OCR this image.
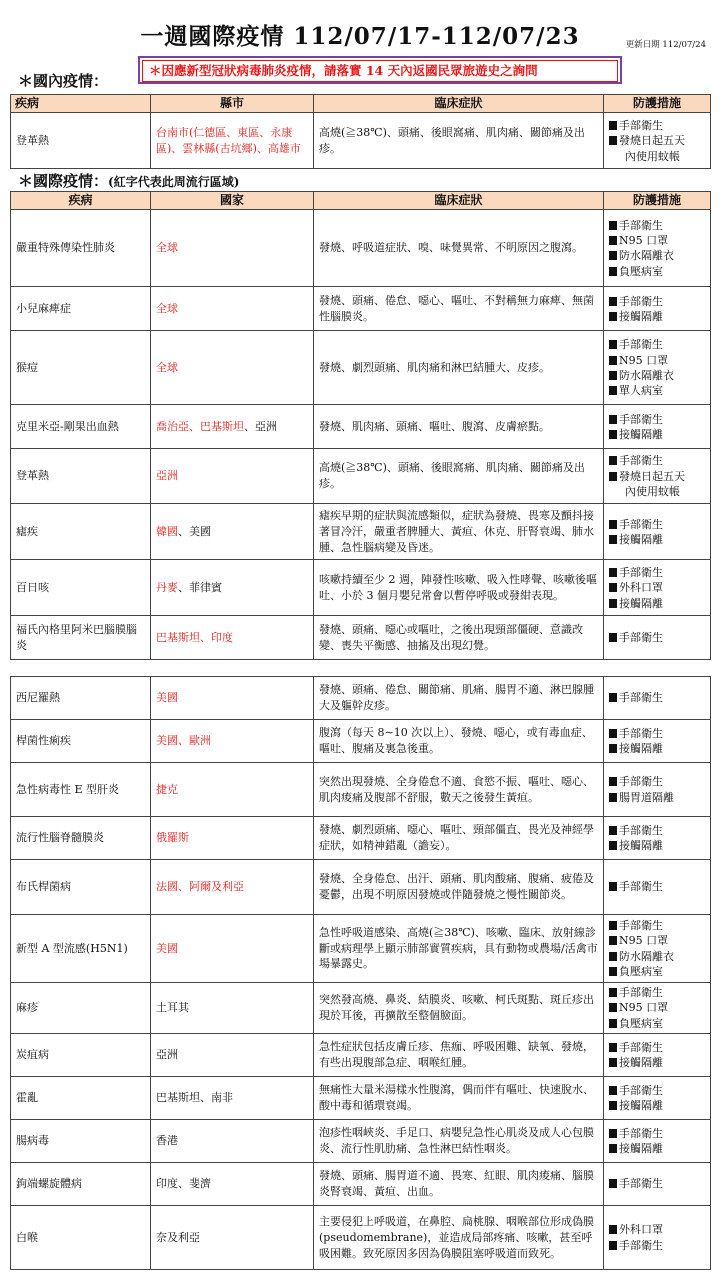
一週國際疫情 112/07/17-112/07/23	更新日期 112/07/24
＊因應新型冠狀病毒肺炎疫情，請落實 14 天內返國民眾旅遊史之詢問
＊國內疫情：
疾病	縣市	臨床症狀	防護措施
登革熱	台南市(仁德區、東區、永康區)、雲林縣(古坑鄉)、高雄市	高燒(≧38℃)、頭痛、後眼窩痛、肌肉痛、關節痛及出疹。	手部衛生
發燒日起五天
內使用蚊帳
＊國際疫情：(紅字代表此周流行區域)
疾病	國家	臨床症狀	防護措施
嚴重特殊傳染性肺炎	全球	發燒、呼吸道症狀、嗅、味覺異常、不明原因之腹瀉。	手部衛生
N95 口罩
防水隔離衣
負壓病室

小兒麻痺症	全球	發燒、頭痛、倦怠、噁心、嘔吐、不對稱無力麻痺、無菌性腦膜炎。	手部衛生
接觸隔離

猴痘	全球	發燒、劇烈頭痛、肌肉痛和淋巴結腫大、皮疹。	手部衛生
N95 口罩
防水隔離衣
單人病室

克里米亞-剛果出血熱	喬治亞、巴基斯坦、亞洲	發燒、肌肉痛、頭痛、嘔吐、腹瀉、皮膚瘀點。	手部衛生
接觸隔離

登革熱	亞洲	高燒(≧38℃)、頭痛、後眼窩痛、肌肉痛、關節痛及出疹。	手部衛生
發燒日起五天
內使用蚊帳

瘧疾	韓國、美國	瘧疾早期的症狀與流感類似，症狀為發燒、畏寒及顫抖接著冒冷汗，嚴重者脾腫大、黃疸、休克、肝腎衰竭、肺水腫、急性腦病變及昏迷。	手部衛生
接觸隔離

百日咳	丹麥、菲律賓	咳嗽持續至少 2 週，陣發性咳嗽、吸入性哮聲、咳嗽後嘔吐、小於 3 個月嬰兒常會以暫停呼吸或發紺表現。	手部衛生
外科口罩
接觸隔離

福氏內格里阿米巴腦膜腦炎	巴基斯坦、印度	發燒、頭痛、噁心或嘔吐，之後出現頸部僵硬、意識改變、喪失平衡感、抽搐及出現幻覺。	手部衛生
西尼羅熱	美國	發燒、頭痛、倦怠、關節痛、肌痛、腸胃不適、淋巴腺腫大及軀幹皮疹。	手部衛生

桿菌性痢疾	美國、歐洲	腹瀉（每天 8∼10 次以上）、發燒、噁心，或有毒血症、嘔吐、腹痛及裏急後重。	手部衛生
接觸隔離

急性病毒性 E 型肝炎	捷克	突然出現發燒、全身倦怠不適、食慾不振、嘔吐、噁心、肌肉痠痛及腹部不舒服，數天之後發生黃疸。	手部衛生
腸胃道隔離

流行性腦脊髓膜炎	俄羅斯	發燒、劇烈頭痛、噁心、嘔吐、頸部僵直、畏光及神經學症狀，如精神錯亂（譫妄）。	手部衛生
接觸隔離

布氏桿菌病	法國、阿爾及利亞	發燒、全身倦怠、出汗、頭痛、肌肉酸痛、腹痛、疲倦及憂鬱，出現不明原因發燒或伴隨發燒之慢性關節炎。	手部衛生

新型 A 型流感(H5N1)	美國	急性呼吸道感染、高燒(≧38℃)、咳嗽、臨床、放射線診斷或病理學上顯示肺部實質疾病，具有動物或農場/活禽市場暴露史。	手部衛生
N95 口罩
防水隔離衣
負壓病室

麻疹	土耳其	突然發高燒、鼻炎、結膜炎、咳嗽、柯氏斑點、斑丘疹出現於耳後，再擴散至整個臉面。	手部衛生
N95 口罩
負壓病室

炭疽病	亞洲	急性症狀包括皮膚丘疹、焦痂、呼吸困難、缺氧、發燒，有些出現腹部急症、咽喉紅腫。	手部衛生
接觸隔離

霍亂	巴基斯坦、南非	無痛性大量米湯樣水性腹瀉，偶而伴有嘔吐、快速脫水、酸中毒和循環衰竭。	手部衛生
接觸隔離

腸病毒	香港	泡疹性咽峽炎、手足口、病嬰兒急性心肌炎及成人心包膜炎、流行性肌肋痛、急性淋巴結性咽炎。	手部衛生
接觸隔離

鉤端螺旋體病	印度、斐濟	發燒、頭痛、腸胃道不適、畏寒、紅眼、肌肉痠痛、腦膜炎腎衰竭、黃疸、出血。	手部衛生

白喉	奈及利亞	主要侵犯上呼吸道，在鼻腔、扁桃腺、咽喉部位形成偽膜(pseudomembrane)，並造成局部疼痛、咳嗽，甚至呼吸困難。致死原因多因為偽膜阻塞呼吸道而致死。	外科口罩
手部衛生
